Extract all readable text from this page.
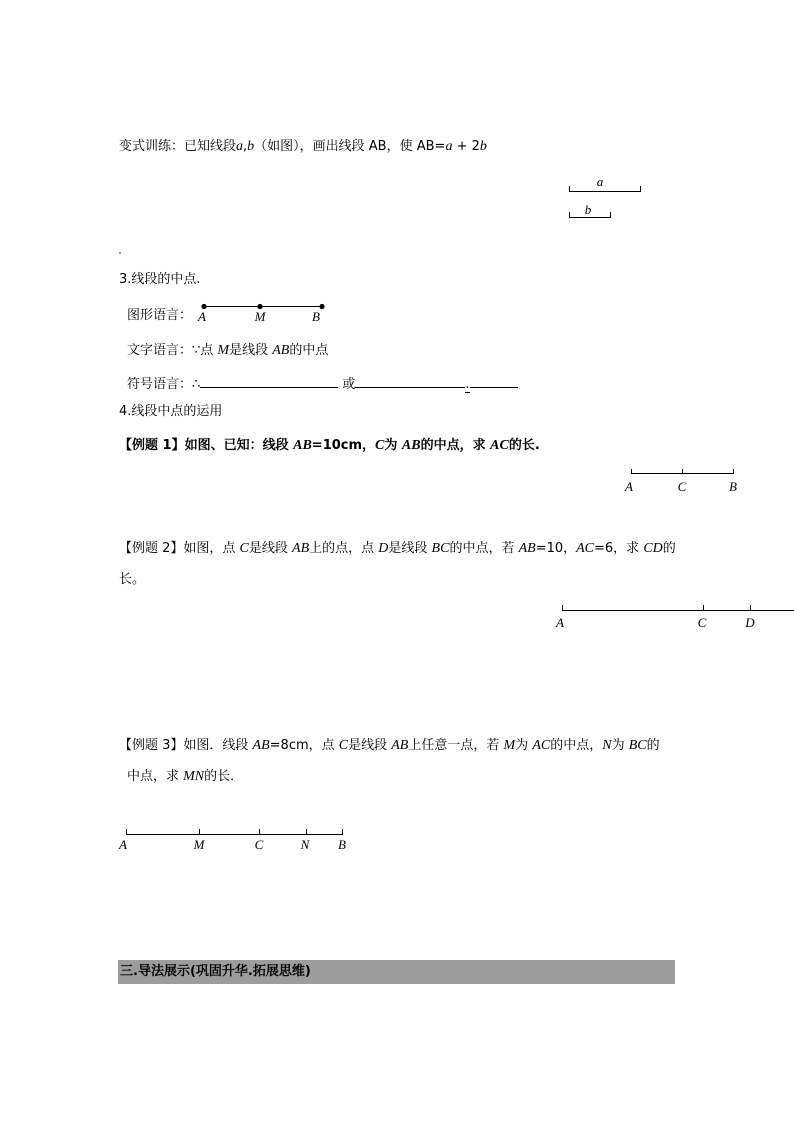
变式训练：已知线段a,b（如图），画出线段 AB，使 AB=a + 2b
a
b
3.线段的中点.
图形语言： A	M	B
文字语言：∵点 M是线段 AB的中点
符号语言：∴	或	.
4.线段中点的运用
【例题 1】如图、已知：线段 AB=10cm，C为 AB的中点，求 AC的长.
A	C	B
【例题 2】如图，点 C是线段 AB上的点，点 D是线段 BC的中点，若 AB=10，AC=6，求 CD的
长。
A	C	D
【例题 3】如图．线段 AB=8cm，点 C是线段 AB上任意一点，若 M为 AC的中点，N为 BC的
中点，求 MN的长．
A	M	C	N B
三.导法展示(巩固升华.拓展思维)
